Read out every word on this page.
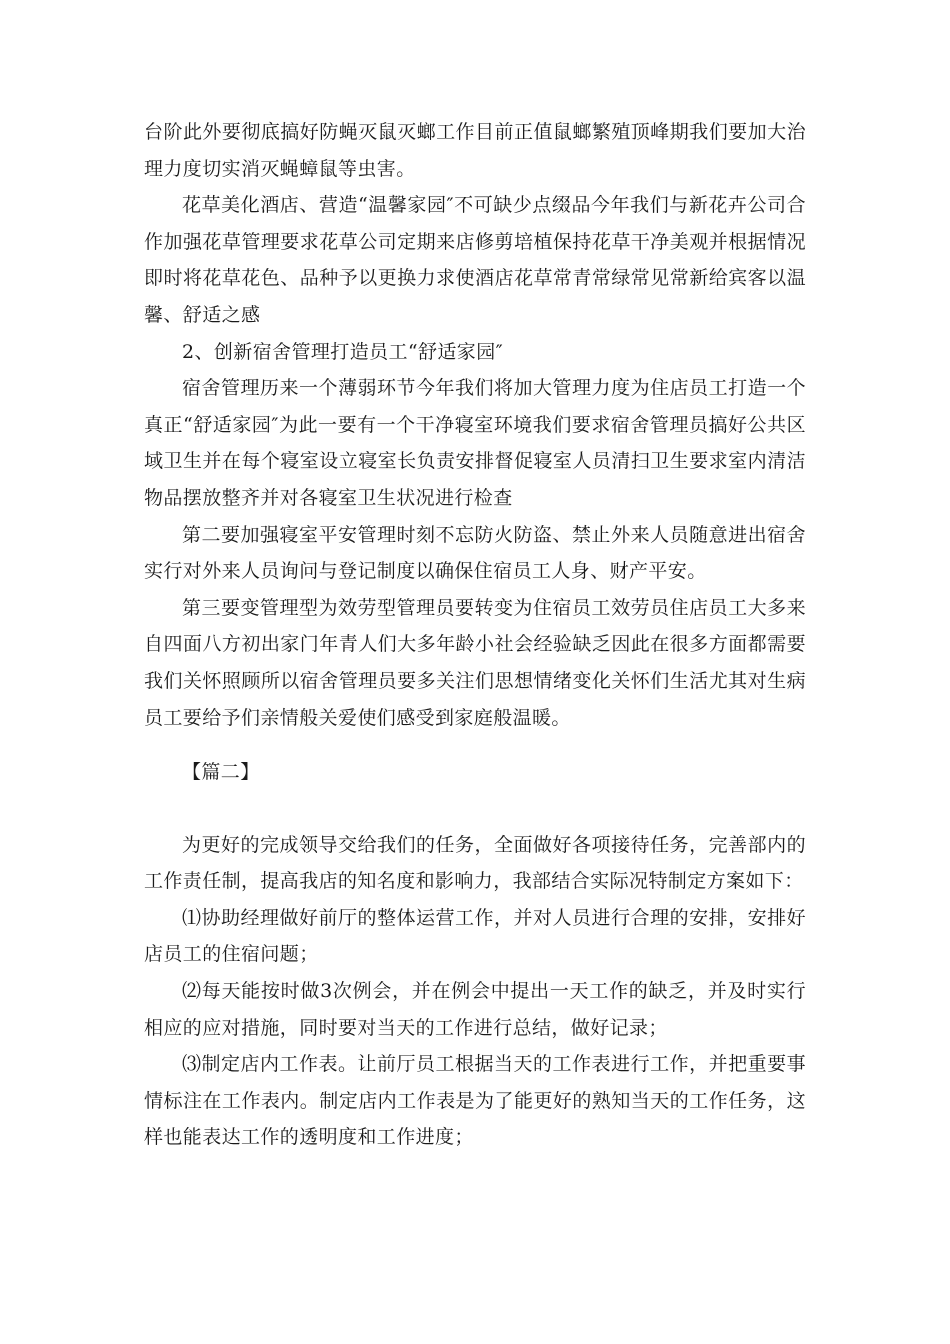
台阶此外要彻底搞好防蝇灭鼠灭螂工作目前正值鼠螂繁殖顶峰期我们要加大治理力度切实消灭蝇蟑鼠等虫害。

花草美化酒店、营造“温馨家园″不可缺少点缀品今年我们与新花卉公司合作加强花草管理要求花草公司定期来店修剪培植保持花草干净美观并根据情况即时将花草花色、品种予以更换力求使酒店花草常青常绿常见常新给宾客以温馨、舒适之感

2、创新宿舍管理打造员工“舒适家园″

宿舍管理历来一个薄弱环节今年我们将加大管理力度为住店员工打造一个真正“舒适家园″为此一要有一个干净寝室环境我们要求宿舍管理员搞好公共区域卫生并在每个寝室设立寝室长负责安排督促寝室人员清扫卫生要求室内清洁物品摆放整齐并对各寝室卫生状况进行检查

第二要加强寝室平安管理时刻不忘防火防盗、禁止外来人员随意进出宿舍实行对外来人员询问与登记制度以确保住宿员工人身、财产平安。

第三要变管理型为效劳型管理员要转变为住宿员工效劳员住店员工大多来自四面八方初出家门年青人们大多年龄小社会经验缺乏因此在很多方面都需要我们关怀照顾所以宿舍管理员要多关注们思想情绪变化关怀们生活尤其对生病员工要给予们亲情般关爱使们感受到家庭般温暖。

【篇二】

为更好的完成领导交给我们的任务，全面做好各项接待任务，完善部内的工作责任制，提高我店的知名度和影响力，我部结合实际况特制定方案如下：

⑴协助经理做好前厅的整体运营工作，并对人员进行合理的安排，安排好店员工的住宿问题；

⑵每天能按时做3次例会，并在例会中提出一天工作的缺乏，并及时实行相应的应对措施，同时要对当天的工作进行总结，做好记录；

⑶制定店内工作表。让前厅员工根据当天的工作表进行工作，并把重要事情标注在工作表内。制定店内工作表是为了能更好的熟知当天的工作任务，这样也能表达工作的透明度和工作进度；
